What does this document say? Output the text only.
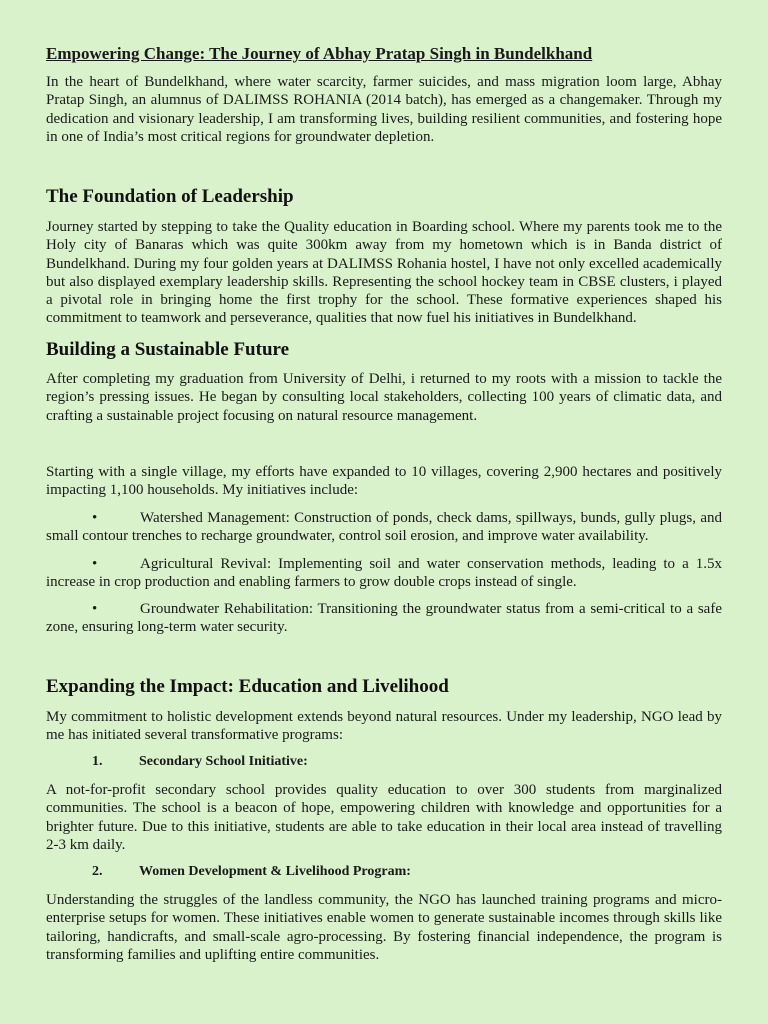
Empowering Change: The Journey of Abhay Pratap Singh in Bundelkhand

In the heart of Bundelkhand, where water scarcity, farmer suicides, and mass migration loom large, Abhay Pratap Singh, an alumnus of DALIMSS ROHANIA (2014 batch), has emerged as a changemaker. Through my dedication and visionary leadership, I am transforming lives, building resilient communities, and fostering hope in one of India’s most critical regions for groundwater depletion.

The Foundation of Leadership

Journey started by stepping to take the Quality education in Boarding school. Where my parents took me to the Holy city of Banaras which was quite 300km away from my hometown which is in Banda district of Bundelkhand. During my four golden years at DALIMSS Rohania hostel, I have not only excelled academically but also displayed exemplary leadership skills. Representing the school hockey team in CBSE clusters, i played a pivotal role in bringing home the first trophy for the school. These formative experiences shaped his commitment to teamwork and perseverance, qualities that now fuel his initiatives in Bundelkhand.

Building a Sustainable Future

After completing my graduation from University of Delhi, i returned to my roots with a mission to tackle the region’s pressing issues. He began by consulting local stakeholders, collecting 100 years of climatic data, and crafting a sustainable project focusing on natural resource management.

Starting with a single village, my efforts have expanded to 10 villages, covering 2,900 hectares and positively impacting 1,100 households. My initiatives include:

•	Watershed Management: Construction of ponds, check dams, spillways, bunds, gully plugs, and small contour trenches to recharge groundwater, control soil erosion, and improve water availability.
•	Agricultural Revival: Implementing soil and water conservation methods, leading to a 1.5x increase in crop production and enabling farmers to grow double crops instead of single.
•	Groundwater Rehabilitation: Transitioning the groundwater status from a semi-critical to a safe zone, ensuring long-term water security.
Expanding the Impact: Education and Livelihood

My commitment to holistic development extends beyond natural resources. Under my leadership, NGO lead by me has initiated several transformative programs:

1.	Secondary School Initiative:

A not-for-profit secondary school provides quality education to over 300 students from marginalized communities. The school is a beacon of hope, empowering children with knowledge and opportunities for a brighter future. Due to this initiative, students are able to take education in their local area instead of travelling 2-3 km daily.

2.	Women Development & Livelihood Program:

Understanding the struggles of the landless community, the NGO has launched training programs and micro-enterprise setups for women. These initiatives enable women to generate sustainable incomes through skills like tailoring, handicrafts, and small-scale agro-processing. By fostering financial independence, the program is transforming families and uplifting entire communities.
